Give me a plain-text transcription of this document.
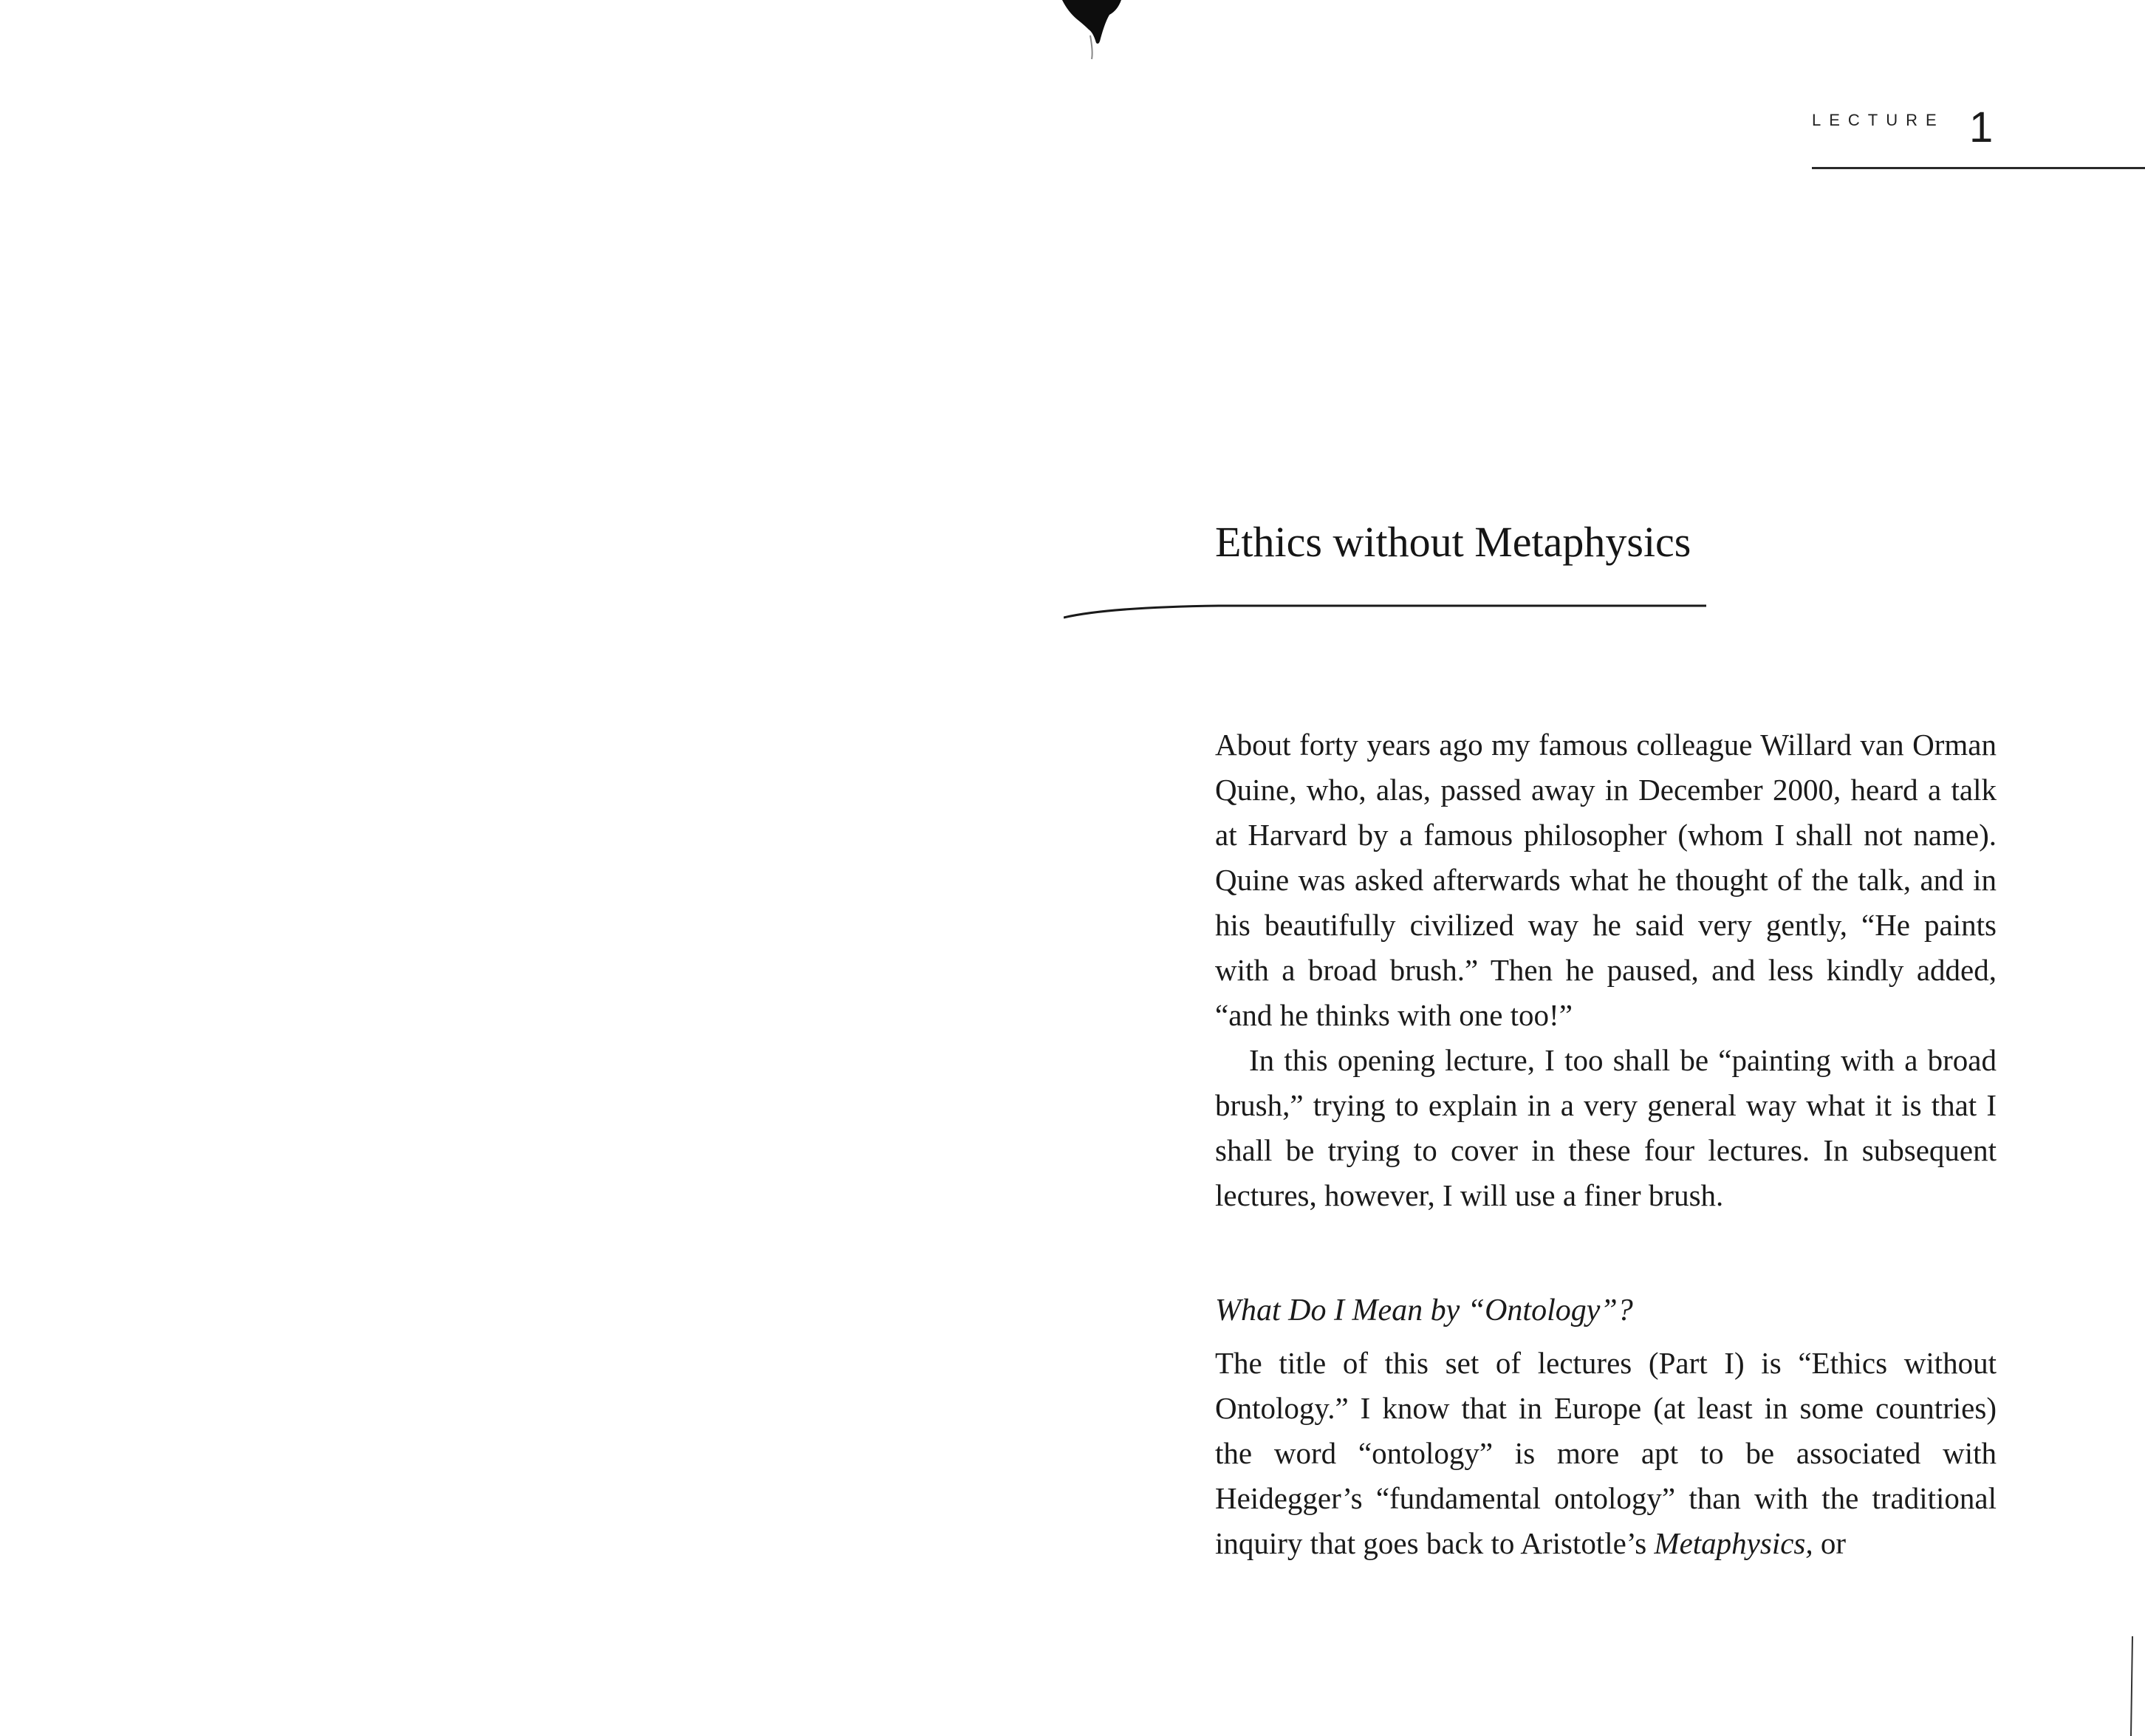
LECTURE 1
Ethics without Metaphysics

About forty years ago my famous colleague Willard van Orman Quine, who, alas, passed away in December 2000, heard a talk at Harvard by a famous philosopher (whom I shall not name). Quine was asked afterwards what he thought of the talk, and in his beautifully civilized way he said very gently, “He paints with a broad brush.” Then he paused, and less kindly added, “and he thinks with one too!”

In this opening lecture, I too shall be “painting with a broad brush,” trying to explain in a very general way what it is that I shall be trying to cover in these four lectures. In subsequent lectures, however, I will use a finer brush.

What Do I Mean by “Ontology”?

The title of this set of lectures (Part I) is “Ethics without Ontology.” I know that in Europe (at least in some countries) the word “ontology” is more apt to be associated with Heidegger’s “fundamental ontology” than with the traditional inquiry that goes back to Aristotle’s Metaphysics, or
